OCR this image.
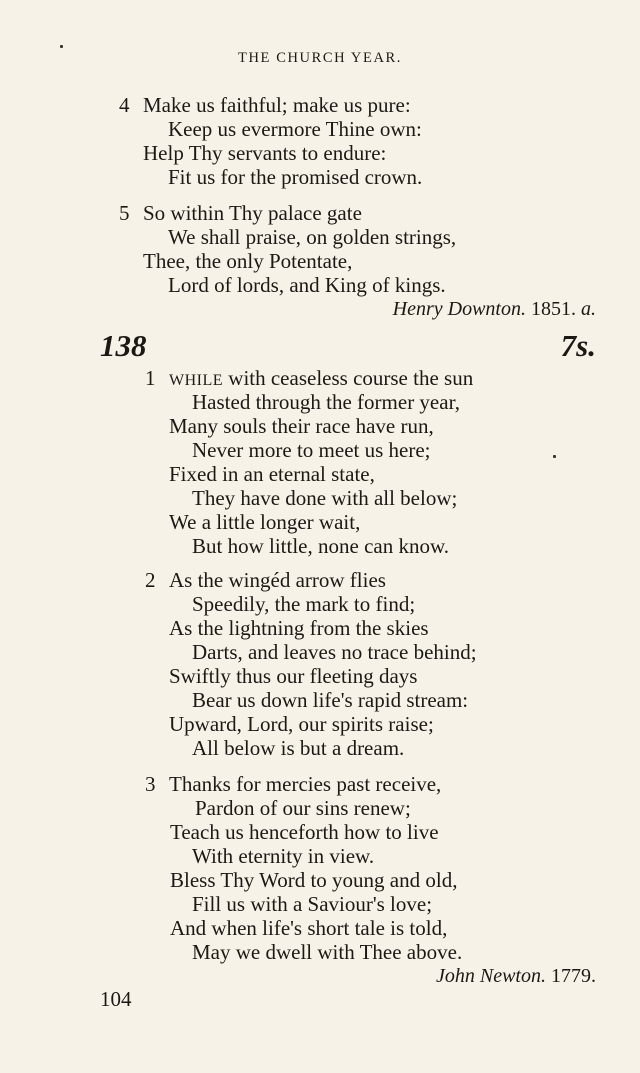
THE CHURCH YEAR.
4 Make us faithful; make us pure:
Keep us evermore Thine own:
Help Thy servants to endure:
Fit us for the promised crown.
5 So within Thy palace gate
We shall praise, on golden strings,
Thee, the only Potentate,
Lord of lords, and King of kings.
Henry Downton. 1851. a.
138	7s.
1 WHILE with ceaseless course the sun
Hasted through the former year,
Many souls their race have run,
Never more to meet us here;
Fixed in an eternal state,
They have done with all below;
We a little longer wait,
But how little, none can know.
2 As the wingéd arrow flies
Speedily, the mark to find;
As the lightning from the skies
Darts, and leaves no trace behind;
Swiftly thus our fleeting days
Bear us down life's rapid stream:
Upward, Lord, our spirits raise;
All below is but a dream.
3 Thanks for mercies past receive,
Pardon of our sins renew;
Teach us henceforth how to live
With eternity in view.
Bless Thy Word to young and old,
Fill us with a Saviour's love;
And when life's short tale is told,
May we dwell with Thee above.
John Newton. 1779.
104
